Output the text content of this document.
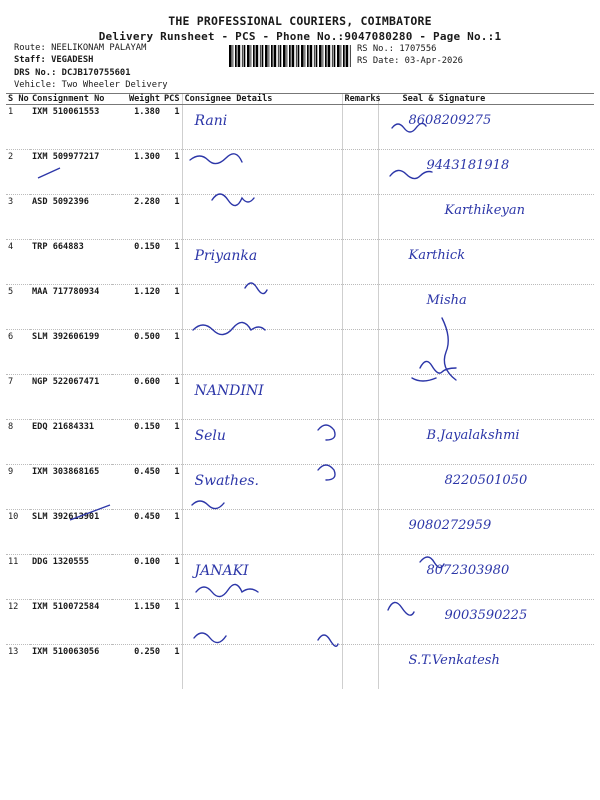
THE PROFESSIONAL COURIERS, COIMBATORE
Delivery Runsheet - PCS - Phone No.:9047080280 - Page No.:1
Route: NEELIKONAM PALAYAM
Staff: VEGADESH
DRS No.: DCJB170755601
Vehicle: Two Wheeler Delivery
RS No.: 1707556
RS Date: 03-Apr-2026
S No	Consignment No	Weight	PCS	Consignee Details	Remarks	Seal & Signature
1	IXM 510061553	1.380	1	Rani		8608209275
2	IXM 509977217	1.300	1			9443181918
3	ASD 5092396	2.280	1			Karthikeyan
4	TRP 664883	0.150	1	Priyanka		Karthick
5	MAA 717780934	1.120	1			Misha
6	SLM 392606199	0.500	1			
7	NGP 522067471	0.600	1	NANDINI		
8	EDQ 21684331	0.150	1	Selu		B.Jayalakshmi
9	IXM 303868165	0.450	1	Swathes.		8220501050
10	SLM 392613901	0.450	1			9080272959
11	DDG 1320555	0.100	1	JANAKI		8072303980
12	IXM 510072584	1.150	1			9003590225
13	IXM 510063056	0.250	1			S.T.Venkatesh
